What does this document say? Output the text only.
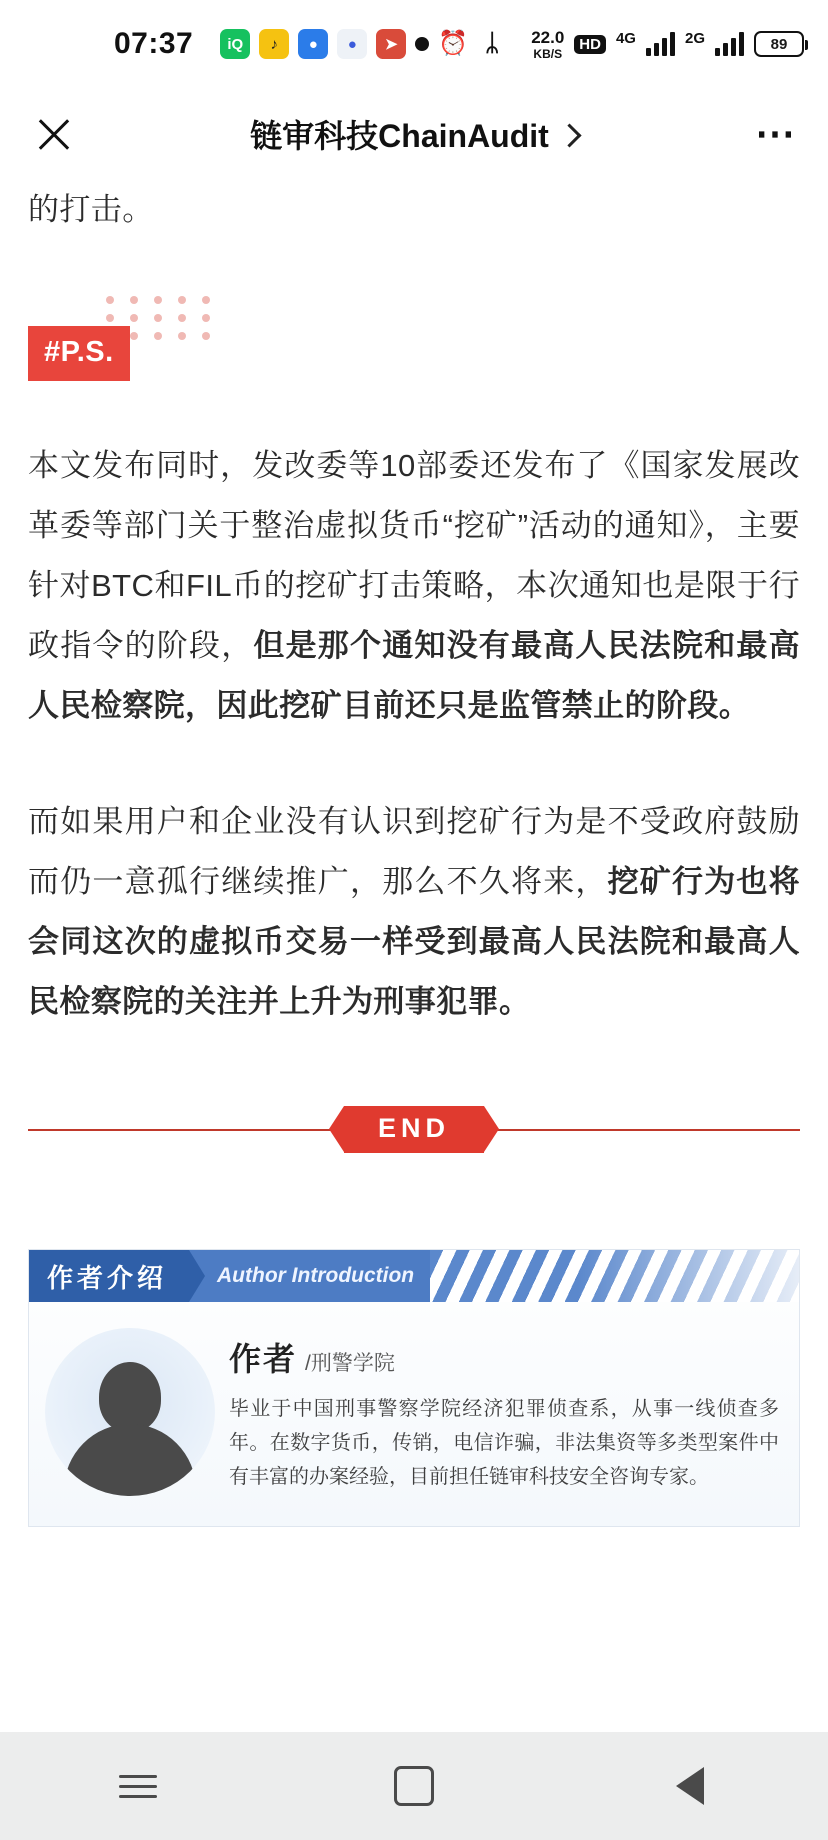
07:37	iQ	♪	●	●	➤	⏰ ᛦ	22.0
KB/S
HD	4G	2G	89
链审科技ChainAudit	⋯

的打击。

#P.S.

本文发布同时，发改委等10部委还发布了《国家发展改革委等部门关于整治虚拟货币“挖矿”活动的通知》，主要针对BTC和FIL币的挖矿打击策略，本次通知也是限于行政指令的阶段，但是那个通知没有最高人民法院和最高人民检察院，因此挖矿目前还只是监管禁止的阶段。

而如果用户和企业没有认识到挖矿行为是不受政府鼓励而仍一意孤行继续推广，那么不久将来，挖矿行为也将会同这次的虚拟币交易一样受到最高人民法院和最高人民检察院的关注并上升为刑事犯罪。

END
作者介绍	Author Introduction
作者 /刑警学院
毕业于中国刑事警察学院经济犯罪侦查系，从事一线侦查多年。在数字货币，传销，电信诈骗，非法集资等多类型案件中有丰富的办案经验，目前担任链审科技安全咨询专家。
